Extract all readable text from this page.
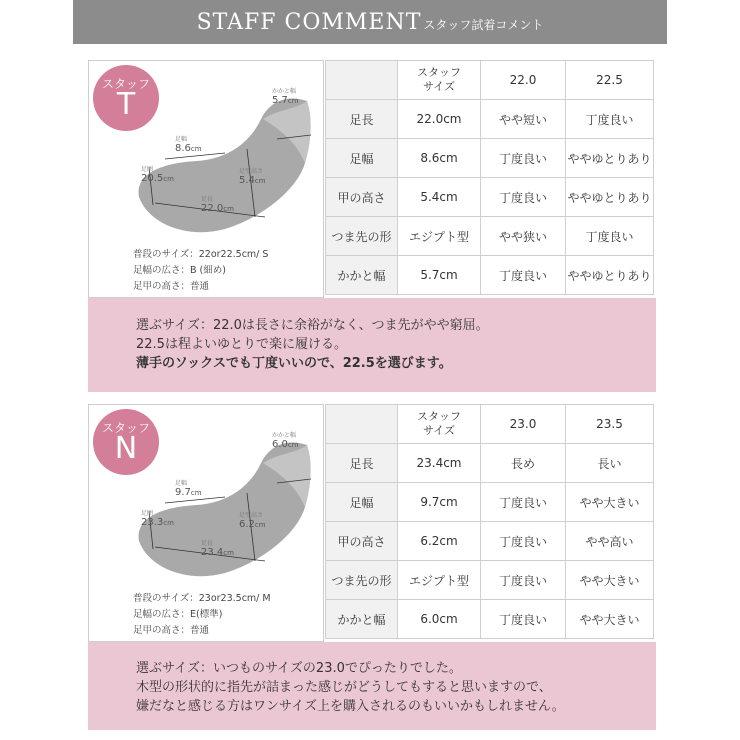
STAFF COMMENT スタッフ試着コメント
スタッフ
T	かかと幅
5.7cm
足幅
8.6cm
足囲
20.5cm
足甲高さ
5.4cm
足長
22.0cm
普段のサイズ：22or22.5cm/ S
足幅の広さ：B (細め)
足甲の高さ：普通

	スタッフ
サイズ	22.0	22.5
足長	22.0cm	やや短い	丁度良い
足幅	8.6cm	丁度良い	ややゆとりあり
甲の高さ	5.4cm	丁度良い	ややゆとりあり
つま先の形	エジプト型	やや狭い	丁度良い
かかと幅	5.7cm	丁度良い	ややゆとりあり

選ぶサイズ：22.0は長さに余裕がなく、つま先がやや窮屈。

22.5は程よいゆとりで楽に履ける。

薄手のソックスでも丁度いいので、22.5を選びます。

スタッフ
N	かかと幅
6.0cm
足幅
9.7cm
足囲
23.3cm
足甲高さ
6.2cm
足長
23.4cm
普段のサイズ：23or23.5cm/ M
足幅の広さ：E(標準)
足甲の高さ：普通

	スタッフ
サイズ	23.0	23.5
足長	23.4cm	長め	長い
足幅	9.7cm	丁度良い	やや大きい
甲の高さ	6.2cm	丁度良い	やや高い
つま先の形	エジプト型	丁度良い	やや大きい
かかと幅	6.0cm	丁度良い	やや大きい

選ぶサイズ：いつものサイズの23.0でぴったりでした。

木型の形状的に指先が詰まった感じがどうしてもすると思いますので、

嫌だなと感じる方はワンサイズ上を購入されるのもいいかもしれません。
